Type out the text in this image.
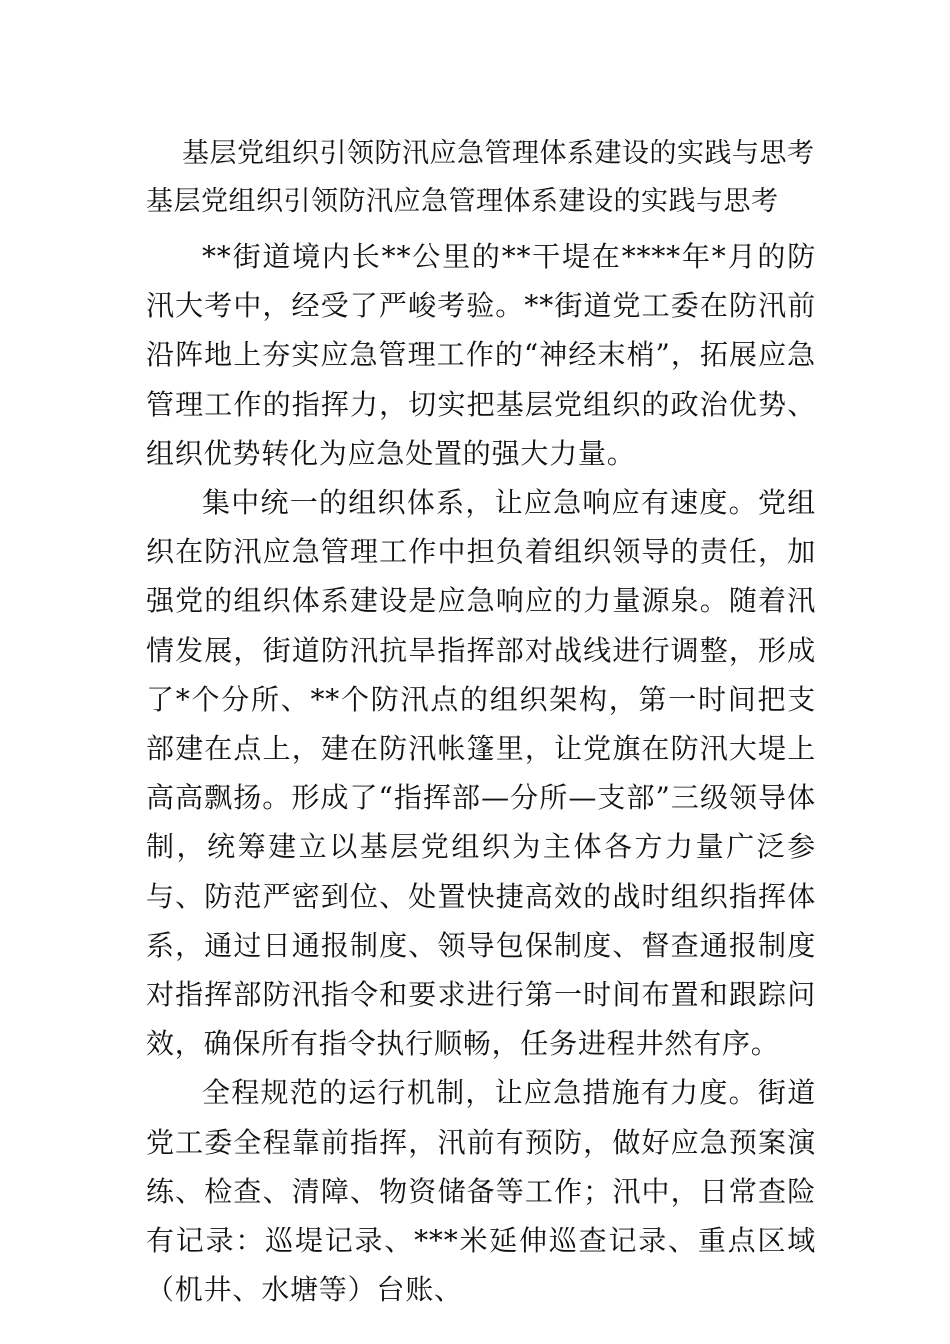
基层党组织引领防汛应急管理体系建设的实践与思考
基层党组织引领防汛应急管理体系建设的实践与思考

**街道境内长**公里的**干堤在****年*月的防汛大考中，经受了严峻考验。**街道党工委在防汛前沿阵地上夯实应急管理工作的“神经末梢”，拓展应急管理工作的指挥力，切实把基层党组织的政治优势、组织优势转化为应急处置的强大力量。

集中统一的组织体系，让应急响应有速度。党组织在防汛应急管理工作中担负着组织领导的责任，加强党的组织体系建设是应急响应的力量源泉。随着汛情发展，街道防汛抗旱指挥部对战线进行调整，形成了*个分所、**个防汛点的组织架构，第一时间把支部建在点上，建在防汛帐篷里，让党旗在防汛大堤上高高飘扬。形成了“指挥部—分所—支部”三级领导体制，统筹建立以基层党组织为主体各方力量广泛参与、防范严密到位、处置快捷高效的战时组织指挥体系，通过日通报制度、领导包保制度、督查通报制度对指挥部防汛指令和要求进行第一时间布置和跟踪问效，确保所有指令执行顺畅，任务进程井然有序。

全程规范的运行机制，让应急措施有力度。街道党工委全程靠前指挥，汛前有预防，做好应急预案演练、检查、清障、物资储备等工作；汛中，日常查险有记录：巡堤记录、***米延伸巡查记录、重点区域（机井、水塘等）台账、
